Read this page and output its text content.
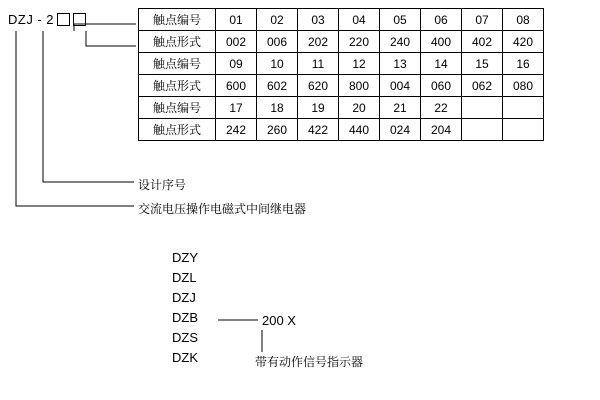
DZJ - 2	触点编号	01	02	03	04	05	06	07	08
触点形式	002	006	202	220	240	400	402	420
触点编号	09	10	11	12	13	14	15	16
触点形式	600	602	620	800	004	060	062	080
触点编号	17	18	19	20	21	22		
触点形式	242	260	422	440	024	204		
设计序号
交流电压操作电磁式中间继电器
DZY
DZL
DZJ
DZB
DZS
DZK
200 X
带有动作信号指示器
